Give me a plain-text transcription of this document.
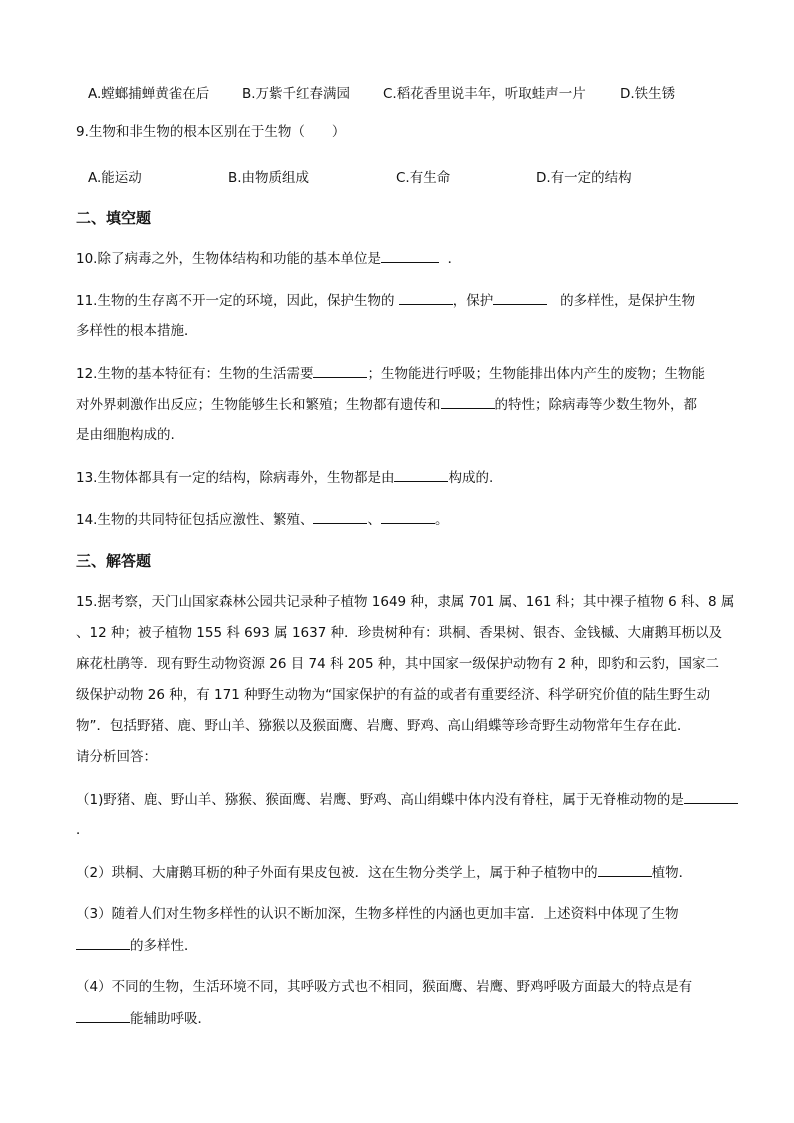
A.螳螂捕蝉黄雀在后 B.万紫千红春满园 C.稻花香里说丰年，听取蛙声一片	D.铁生锈
9.生物和非生物的根本区别在于生物（　　）
A.能运动	B.由物质组成	C.有生命	D.有一定的结构
二、填空题
10.除了病毒之外，生物体结构和功能的基本单位是	．
11.生物的生存离不开一定的环境，因此，保护生物的	，保护	的多样性，是保护生物
多样性的根本措施．
12.生物的基本特征有：生物的生活需要	；生物能进行呼吸；生物能排出体内产生的废物；生物能
对外界刺激作出反应；生物能够生长和繁殖；生物都有遗传和	的特性；除病毒等少数生物外，都
是由细胞构成的.
13.生物体都具有一定的结构，除病毒外，生物都是由	构成的.
14.生物的共同特征包括应激性、繁殖、	、	。
三、解答题
15.据考察，天门山国家森林公园共记录种子植物 1649 种，隶属 701 属、161 科；其中裸子植物 6 科、8 属
、12 种；被子植物 155 科 693 属 1637 种．珍贵树种有：珙桐、香果树、银杏、金钱槭、大庸鹅耳枥以及
麻花杜鹃等．现有野生动物资源 26 目 74 科 205 种，其中国家一级保护动物有 2 种，即豹和云豹，国家二
级保护动物 26 种，有 171 种野生动物为“国家保护的有益的或者有重要经济、科学研究价值的陆生野生动
物”．包括野猪、鹿、野山羊、猕猴以及猴面鹰、岩鹰、野鸡、高山绢蝶等珍奇野生动物常年生存在此．
请分析回答：
（1)野猪、鹿、野山羊、猕猴、猴面鹰、岩鹰、野鸡、高山绢蝶中体内没有脊柱，属于无脊椎动物的是
．
（2）珙桐、大庸鹅耳枥的种子外面有果皮包被．这在生物分类学上，属于种子植物中的	植物．
（3）随着人们对生物多样性的认识不断加深，生物多样性的内涵也更加丰富．上述资料中体现了生物
的多样性．
（4）不同的生物，生活环境不同，其呼吸方式也不相同，猴面鹰、岩鹰、野鸡呼吸方面最大的特点是有
能辅助呼吸．
